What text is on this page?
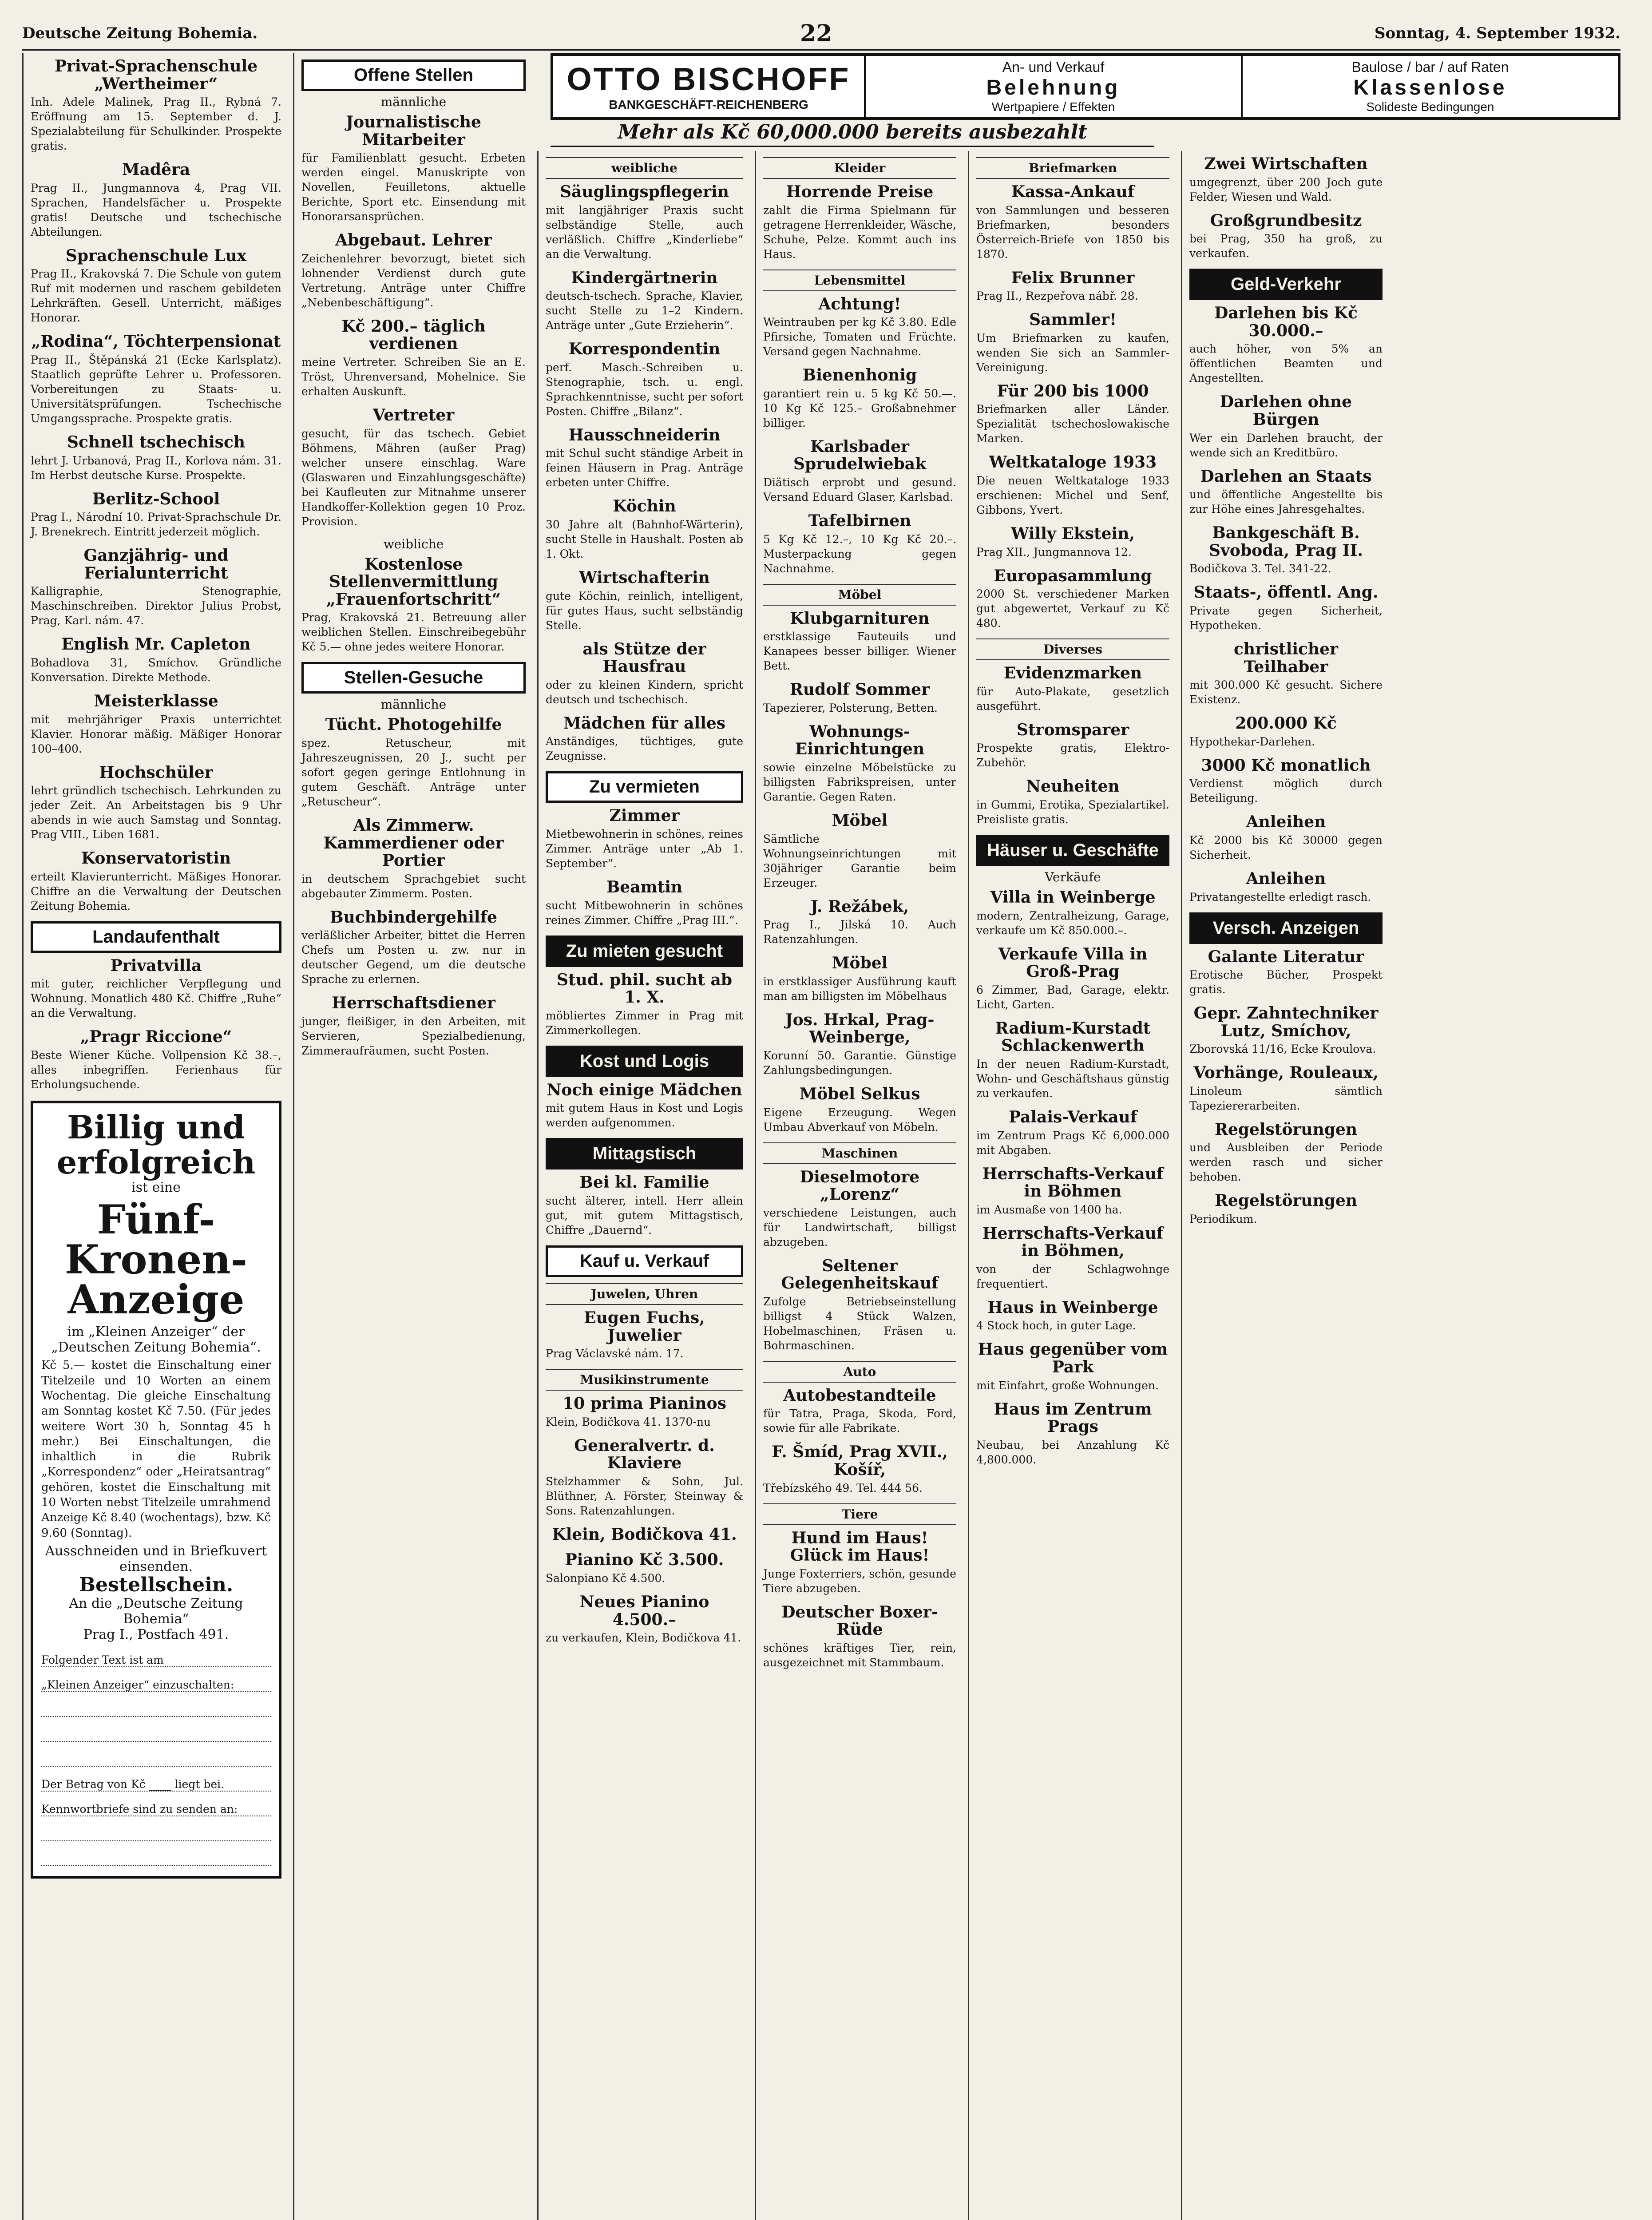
Deutsche Zeitung Bohemia.	22	Sonntag, 4. September 1932.
OTTO BISCHOFF
BANKGESCHÄFT-REICHENBERG
An- und Verkauf
Belehnung
Wertpapiere / Effekten
Baulose / bar / auf Raten
Klassenlose
Solideste Bedingungen
Mehr als Kč 60,000.000 bereits ausbezahlt
Privat-Sprachenschule „Wertheimer“

Inh. Adele Malinek, Prag II., Rybná 7. Eröffnung am 15. September d. J. Spezialabteilung für Schulkinder. Prospekte gratis.

Madêra

Prag II., Jungmannova 4, Prag VII. Sprachen, Handelsfächer u. Prospekte gratis! Deutsche und tschechische Abteilungen.

Sprachenschule Lux

Prag II., Krakovská 7. Die Schule von gutem Ruf mit modernen und raschem gebildeten Lehrkräften. Gesell. Unterricht, mäßiges Honorar.

„Rodina“, Töchterpensionat

Prag II., Štěpánská 21 (Ecke Karlsplatz). Staatlich geprüfte Lehrer u. Professoren. Vorbereitungen zu Staats- u. Universitätsprüfungen. Tschechische Umgangssprache. Prospekte gratis.

Schnell tschechisch

lehrt J. Urbanová, Prag II., Korlova nám. 31. Im Herbst deutsche Kurse. Prospekte.

Berlitz-School

Prag I., Národní 10. Privat-Sprachschule Dr. J. Brenekrech. Eintritt jederzeit möglich.

Ganzjährig- und Ferialunterricht

Kalligraphie, Stenographie, Maschinschreiben. Direktor Julius Probst, Prag, Karl. nám. 47.

English Mr. Capleton

Bohadlova 31, Smíchov. Gründliche Konversation. Direkte Methode.

Meisterklasse

mit mehrjähriger Praxis unterrichtet Klavier. Honorar mäßig. Mäßiger Honorar 100–400.

Hochschüler

lehrt gründlich tschechisch. Lehrkunden zu jeder Zeit. An Arbeitstagen bis 9 Uhr abends in wie auch Samstag und Sonntag. Prag VIII., Liben 1681.

Konservatoristin

erteilt Klavierunterricht. Mäßiges Honorar. Chiffre an die Verwaltung der Deutschen Zeitung Bohemia.

Landaufenthalt
Privatvilla

mit guter, reichlicher Verpflegung und Wohnung. Monatlich 480 Kč. Chiffre „Ruhe“ an die Verwaltung.

„Pragr Riccione“

Beste Wiener Küche. Vollpension Kč 38.–, alles inbegriffen. Ferienhaus für Erholungsuchende.

Billig und erfolgreich
ist eine
Fünf-Kronen-Anzeige
im „Kleinen Anzeiger“ der „Deutschen Zeitung Bohemia“.

Kč 5.— kostet die Einschaltung einer Titelzeile und 10 Worten an einem Wochentag. Die gleiche Einschaltung am Sonntag kostet Kč 7.50. (Für jedes weitere Wort 30 h, Sonntag 45 h mehr.) Bei Einschaltungen, die inhaltlich in die Rubrik „Korrespondenz“ oder „Heiratsantrag“ gehören, kostet die Einschaltung mit 10 Worten nebst Titelzeile umrahmend Anzeige Kč 8.40 (wochentags), bzw. Kč 9.60 (Sonntag).

Ausschneiden und in Briefkuvert einsenden.
Bestellschein.
An die „Deutsche Zeitung Bohemia“
Prag I., Postfach 491.
Folgender Text ist am
„Kleinen Anzeiger“ einzuschalten:
Der Betrag von Kč ____ liegt bei.
Kennwortbriefe sind zu senden an:
Offene Stellen
männliche
Journalistische Mitarbeiter

für Familienblatt gesucht. Erbeten werden eingel. Manuskripte von Novellen, Feuilletons, aktuelle Berichte, Sport etc. Einsendung mit Honorarsansprüchen.

Abgebaut. Lehrer

Zeichenlehrer bevorzugt, bietet sich lohnender Verdienst durch gute Vertretung. Anträge unter Chiffre „Nebenbeschäftigung“.

Kč 200.– täglich verdienen

meine Vertreter. Schreiben Sie an E. Tröst, Uhrenversand, Mohelnice. Sie erhalten Auskunft.

Vertreter

gesucht, für das tschech. Gebiet Böhmens, Mähren (außer Prag) welcher unsere einschlag. Ware (Glaswaren und Einzahlungsgeschäfte) bei Kaufleuten zur Mitnahme unserer Handkoffer-Kollektion gegen 10 Proz. Provision.

weibliche
Kostenlose Stellenvermittlung „Frauenfortschritt“

Prag, Krakovská 21. Betreuung aller weiblichen Stellen. Einschreibegebühr Kč 5.— ohne jedes weitere Honorar.

Stellen-Gesuche
männliche
Tücht. Photogehilfe

spez. Retuscheur, mit Jahreszeugnissen, 20 J., sucht per sofort gegen geringe Entlohnung in gutem Geschäft. Anträge unter „Retuscheur“.

Als Zimmerw. Kammerdiener oder Portier

in deutschem Sprachgebiet sucht abgebauter Zimmerm. Posten.

Buchbindergehilfe

verläßlicher Arbeiter, bittet die Herren Chefs um Posten u. zw. nur in deutscher Gegend, um die deutsche Sprache zu erlernen.

Herrschaftsdiener

junger, fleißiger, in den Arbeiten, mit Servieren, Spezialbedienung, Zimmeraufräumen, sucht Posten.

weibliche
Säuglingspflegerin

mit langjähriger Praxis sucht selbständige Stelle, auch verläßlich. Chiffre „Kinderliebe“ an die Verwaltung.

Kindergärtnerin

deutsch-tschech. Sprache, Klavier, sucht Stelle zu 1–2 Kindern. Anträge unter „Gute Erzieherin“.

Korrespondentin

perf. Masch.-Schreiben u. Stenographie, tsch. u. engl. Sprachkenntnisse, sucht per sofort Posten. Chiffre „Bilanz“.

Hausschneiderin

mit Schul sucht ständige Arbeit in feinen Häusern in Prag. Anträge erbeten unter Chiffre.

Köchin

30 Jahre alt (Bahnhof-Wärterin), sucht Stelle in Haushalt. Posten ab 1. Okt.

Wirtschafterin

gute Köchin, reinlich, intelligent, für gutes Haus, sucht selbständig Stelle.

als Stütze der Hausfrau

oder zu kleinen Kindern, spricht deutsch und tschechisch.

Mädchen für alles

Anständiges, tüchtiges, gute Zeugnisse.

Zu vermieten
Zimmer

Mietbewohnerin in schönes, reines Zimmer. Anträge unter „Ab 1. September“.

Beamtin

sucht Mitbewohnerin in schönes reines Zimmer. Chiffre „Prag III.“.

Zu mieten gesucht
Stud. phil. sucht ab 1. X.

möbliertes Zimmer in Prag mit Zimmerkollegen.

Kost und Logis
Noch einige Mädchen

mit gutem Haus in Kost und Logis werden aufgenommen.

Mittagstisch
Bei kl. Familie

sucht älterer, intell. Herr allein gut, mit gutem Mittagstisch, Chiffre „Dauernd“.

Kauf u. Verkauf
Juwelen, Uhren
Eugen Fuchs, Juwelier

Prag Václavské nám. 17.

Musikinstrumente
10 prima Pianinos

Klein, Bodičkova 41. 1370-nu

Generalvertr. d. Klaviere

Stelzhammer & Sohn, Jul. Blüthner, A. Förster, Steinway & Sons. Ratenzahlungen.

Klein, Bodičkova 41.
Pianino Kč 3.500.

Salonpiano Kč 4.500.

Neues Pianino 4.500.–

zu verkaufen, Klein, Bodičkova 41.

Kleider
Horrende Preise

zahlt die Firma Spielmann für getragene Herrenkleider, Wäsche, Schuhe, Pelze. Kommt auch ins Haus.

Lebensmittel
Achtung!

Weintrauben per kg Kč 3.80. Edle Pfirsiche, Tomaten und Früchte. Versand gegen Nachnahme.

Bienenhonig

garantiert rein u. 5 kg Kč 50.—. 10 Kg Kč 125.– Großabnehmer billiger.

Karlsbader Sprudelwiebak

Diätisch erprobt und gesund. Versand Eduard Glaser, Karlsbad.

Tafelbirnen

5 Kg Kč 12.–, 10 Kg Kč 20.–. Musterpackung gegen Nachnahme.

Möbel
Klubgarnituren

erstklassige Fauteuils und Kanapees besser billiger. Wiener Bett.

Rudolf Sommer

Tapezierer, Polsterung, Betten.

Wohnungs-Einrichtungen

sowie einzelne Möbelstücke zu billigsten Fabrikspreisen, unter Garantie. Gegen Raten.

Möbel

Sämtliche Wohnungseinrichtungen mit 30jähriger Garantie beim Erzeuger.

J. Režábek,

Prag I., Jilská 10. Auch Ratenzahlungen.

Möbel

in erstklassiger Ausführung kauft man am billigsten im Möbelhaus

Jos. Hrkal, Prag-Weinberge,

Korunní 50. Garantie. Günstige Zahlungsbedingungen.

Möbel Selkus

Eigene Erzeugung. Wegen Umbau Abverkauf von Möbeln.

Maschinen
Dieselmotore „Lorenz“

verschiedene Leistungen, auch für Landwirtschaft, billigst abzugeben.

Seltener Gelegenheitskauf

Zufolge Betriebseinstellung billigst 4 Stück Walzen, Hobelmaschinen, Fräsen u. Bohrmaschinen.

Auto
Autobestandteile

für Tatra, Praga, Skoda, Ford, sowie für alle Fabrikate.

F. Šmíd, Prag XVII., Košíř,

Třebízského 49. Tel. 444 56.

Tiere
Hund im Haus! Glück im Haus!

Junge Foxterriers, schön, gesunde Tiere abzugeben.

Deutscher Boxer-Rüde

schönes kräftiges Tier, rein, ausgezeichnet mit Stammbaum.

Briefmarken
Kassa-Ankauf

von Sammlungen und besseren Briefmarken, besonders Österreich-Briefe von 1850 bis 1870.

Felix Brunner

Prag II., Rezpeřova nábř. 28.

Sammler!

Um Briefmarken zu kaufen, wenden Sie sich an Sammler-Vereinigung.

Für 200 bis 1000

Briefmarken aller Länder. Spezialität tschechoslowakische Marken.

Weltkataloge 1933

Die neuen Weltkataloge 1933 erschienen: Michel und Senf, Gibbons, Yvert.

Willy Ekstein,

Prag XII., Jungmannova 12.

Europasammlung

2000 St. verschiedener Marken gut abgewertet, Verkauf zu Kč 480.

Diverses
Evidenzmarken

für Auto-Plakate, gesetzlich ausgeführt.

Stromsparer

Prospekte gratis, Elektro-Zubehör.

Neuheiten

in Gummi, Erotika, Spezialartikel. Preisliste gratis.

Häuser u. Geschäfte
Verkäufe
Villa in Weinberge

modern, Zentralheizung, Garage, verkaufe um Kč 850.000.–.

Verkaufe Villa in Groß-Prag

6 Zimmer, Bad, Garage, elektr. Licht, Garten.

Radium-Kurstadt Schlackenwerth

In der neuen Radium-Kurstadt, Wohn- und Geschäftshaus günstig zu verkaufen.

Palais-Verkauf

im Zentrum Prags Kč 6,000.000 mit Abgaben.

Herrschafts-Verkauf in Böhmen

im Ausmaße von 1400 ha.

Herrschafts-Verkauf in Böhmen,

von der Schlagwohnge frequentiert.

Haus in Weinberge

4 Stock hoch, in guter Lage.

Haus gegenüber vom Park

mit Einfahrt, große Wohnungen.

Haus im Zentrum Prags

Neubau, bei Anzahlung Kč 4,800.000.

Zwei Wirtschaften

umgegrenzt, über 200 Joch gute Felder, Wiesen und Wald.

Großgrundbesitz

bei Prag, 350 ha groß, zu verkaufen.

Geld-Verkehr
Darlehen bis Kč 30.000.–

auch höher, von 5% an öffentlichen Beamten und Angestellten.

Darlehen ohne Bürgen

Wer ein Darlehen braucht, der wende sich an Kreditbüro.

Darlehen an Staats

und öffentliche Angestellte bis zur Höhe eines Jahresgehaltes.

Bankgeschäft B. Svoboda, Prag II.

Bodičkova 3. Tel. 341-22.

Staats-, öffentl. Ang.

Private gegen Sicherheit, Hypotheken.

christlicher Teilhaber

mit 300.000 Kč gesucht. Sichere Existenz.

200.000 Kč

Hypothekar-Darlehen.

3000 Kč monatlich

Verdienst möglich durch Beteiligung.

Anleihen

Kč 2000 bis Kč 30000 gegen Sicherheit.

Anleihen

Privatangestellte erledigt rasch.

Versch. Anzeigen
Galante Literatur

Erotische Bücher, Prospekt gratis.

Gepr. Zahntechniker Lutz, Smíchov,

Zborovská 11/16, Ecke Kroulova.

Vorhänge, Rouleaux,

Linoleum sämtlich Tapeziererarbeiten.

Regelstörungen

und Ausbleiben der Periode werden rasch und sicher behoben.

Regelstörungen

Periodikum.
